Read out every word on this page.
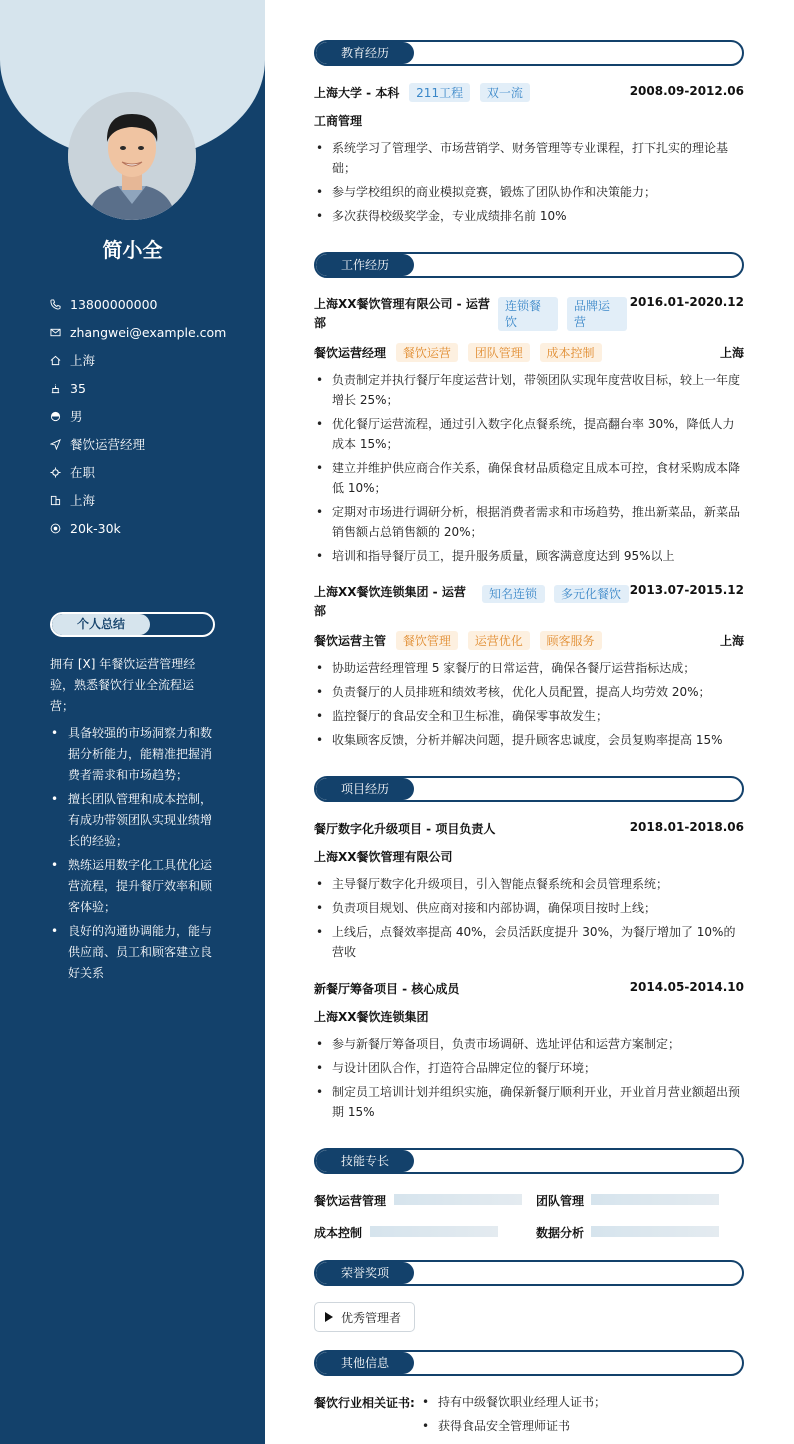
简小全
13800000000
zhangwei@example.com
上海
35
男
餐饮运营经理
在职
上海
20k-30k
个人总结
拥有 [X] 年餐饮运营管理经验，熟悉餐饮行业全流程运营；
• 具备较强的市场洞察力和数据分析能力，能精准把握消费者需求和市场趋势；
• 擅长团队管理和成本控制，有成功带领团队实现业绩增长的经验；
• 熟练运用数字化工具优化运营流程，提升餐厅效率和顾客体验；
• 良好的沟通协调能力，能与供应商、员工和顾客建立良好关系
教育经历
上海大学 - 本科 211工程 双一流	2008.09-2012.06
工商管理
• 系统学习了管理学、市场营销学、财务管理等专业课程，打下扎实的理论基础；
• 参与学校组织的商业模拟竞赛，锻炼了团队协作和决策能力；
• 多次获得校级奖学金，专业成绩排名前 10%
工作经历
上海XX餐饮管理有限公司 - 运营部
连锁餐饮
品牌运营
2016.01-2020.12
餐饮运营经理 餐饮运营 团队管理 成本控制	上海
• 负责制定并执行餐厅年度运营计划，带领团队实现年度营收目标，较上一年度增长 25%；
• 优化餐厅运营流程，通过引入数字化点餐系统，提高翻台率 30%，降低人力成本 15%；
• 建立并维护供应商合作关系，确保食材品质稳定且成本可控，食材采购成本降低 10%；
• 定期对市场进行调研分析，根据消费者需求和市场趋势，推出新菜品，新菜品销售额占总销售额的 20%；
• 培训和指导餐厅员工，提升服务质量，顾客满意度达到 95%以上
上海XX餐饮连锁集团 - 运营部
知名连锁	多元化餐饮 2013.07-2015.12
餐饮运营主管 餐饮管理 运营优化 顾客服务	上海
• 协助运营经理管理 5 家餐厅的日常运营，确保各餐厅运营指标达成；
• 负责餐厅的人员排班和绩效考核，优化人员配置，提高人均劳效 20%；
• 监控餐厅的食品安全和卫生标准，确保零事故发生；
• 收集顾客反馈，分析并解决问题，提升顾客忠诚度，会员复购率提高 15%
项目经历
餐厅数字化升级项目 - 项目负责人	2018.01-2018.06
上海XX餐饮管理有限公司
• 主导餐厅数字化升级项目，引入智能点餐系统和会员管理系统；
• 负责项目规划、供应商对接和内部协调，确保项目按时上线；
• 上线后，点餐效率提高 40%，会员活跃度提升 30%，为餐厅增加了 10%的营收
新餐厅筹备项目 - 核心成员	2014.05-2014.10
上海XX餐饮连锁集团
• 参与新餐厅筹备项目，负责市场调研、选址评估和运营方案制定；
• 与设计团队合作，打造符合品牌定位的餐厅环境；
• 制定员工培训计划并组织实施，确保新餐厅顺利开业，开业首月营业额超出预期 15%
技能专长
餐饮运营管理	团队管理
成本控制	数据分析
荣誉奖项
优秀管理者
其他信息
餐饮行业相关证书:
•	持有中级餐饮职业经理人证书；
• 获得食品安全管理师证书
